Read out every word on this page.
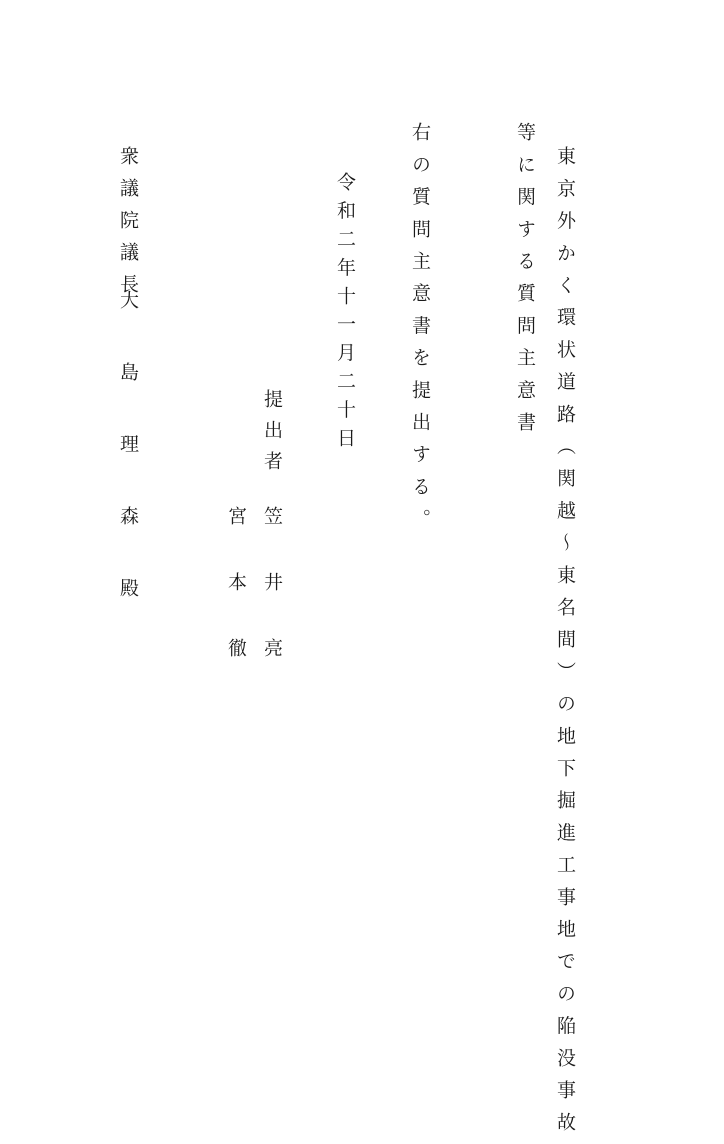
東京外かく環状道路（関越～東名間）の地下掘進工事地での陥没事故
等に関する質問主意書
右の質問主意書を提出する。
令和二年十一月二十日
提出者
笠井亮
宮本徹
衆議院議長
大島理森殿
